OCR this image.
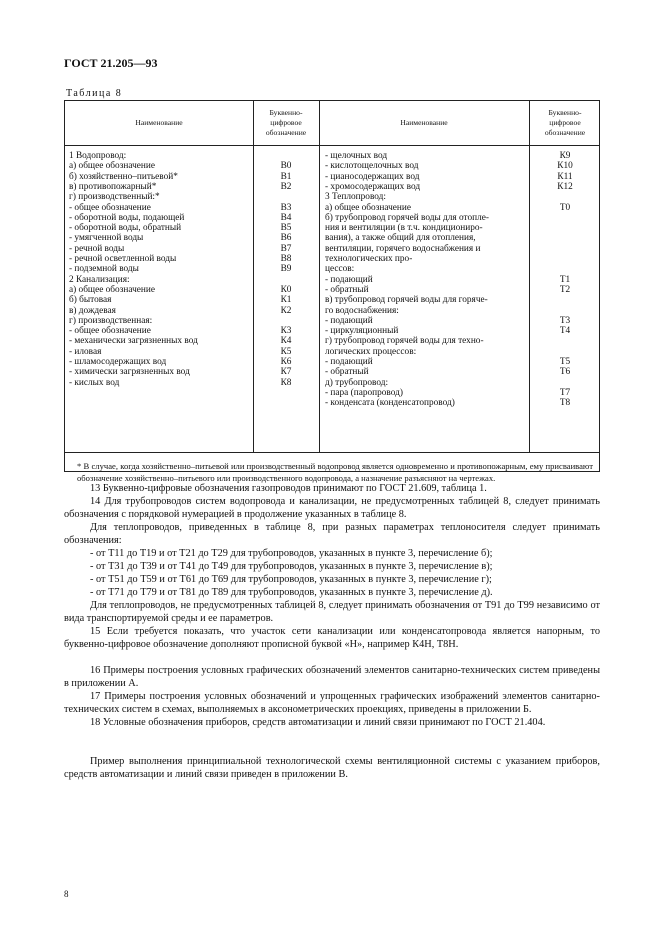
ГОСТ 21.205—93
Таблица 8
Наименование
Буквенно-
цифровое
обозначение
Наименование
Буквенно-
цифровое
обозначение

* В случае, когда хозяйственно–питьевой или производственный водопровод является одновременно и противопожарным, ему присваивают обозначение хозяйственно–питьевого или производственного водопровода, а назначение разъясняют на чертежах.

1 Водопровод:
а) общее обозначение	В0
б) хозяйственно–питьевой*	В1
в) противопожарный*	В2
г) производственный:*
- общее обозначение	В3
- оборотной воды, подающей	В4
- оборотной воды, обратный	В5
- умягченной воды	В6
- речной воды	В7
- речной осветленной воды	В8
- подземной воды	В9
2 Канализация:
а) общее обозначение	К0
б) бытовая	К1
в) дождевая	К2
г) производственная:
- общее обозначение	К3
- механически загрязненных вод	К4
- иловая	К5
- шламосодержащих вод	К6
- химически загрязненных вод	К7
- кислых вод	К8
- щелочных вод	К9
- кислотощелочных вод	К10
- цианосодержащих вод	К11
- хромосодержащих вод	К12
3 Теплопровод:
а) общее обозначение	Т0
б) трубопровод горячей воды для отопле-
ния и вентиляции (в т.ч. кондициониро-
вания), а также общий для отопления,
вентиляции, горячего водоснабжения и
технологических про-
цессов:
- подающий	Т1
- обратный	Т2
в) трубопровод горячей воды для горяче-
го водоснабжения:
- подающий	Т3
- циркуляционный	Т4
г) трубопровод горячей воды для техно-
логических процессов:
- подающий	Т5
- обратный	Т6
д) трубопровод:
- пара (паропровод)	Т7
- конденсата (конденсатопровод)	Т8
13 Буквенно-цифровые обозначения газопроводов принимают по ГОСТ 21.609, таблица 1.
14 Для трубопроводов систем водопровода и канализации, не предусмотренных таблицей 8, следует принимать обозначения с порядковой нумерацией в продолжение указанных в таблице 8.
Для теплопроводов, приведенных в таблице 8, при разных параметрах теплоносителя следует принимать обозначения:
- от Т11 до Т19 и от Т21 до Т29 для трубопроводов, указанных в пункте 3, перечисление б);
- от Т31 до Т39 и от Т41 до Т49 для трубопроводов, указанных в пункте 3, перечисление в);
- от Т51 до Т59 и от Т61 до Т69 для трубопроводов, указанных в пункте 3, перечисление г);
- от Т71 до Т79 и от Т81 до Т89 для трубопроводов, указанных в пункте 3, перечисление д).
Для теплопроводов, не предусмотренных таблицей 8, следует принимать обозначения от Т91 до Т99 независимо от вида транспортируемой среды и ее параметров.
15 Если требуется показать, что участок сети канализации или конденсатопровода является напорным, то буквенно-цифровое обозначение дополняют прописной буквой «Н», например К4Н, Т8Н.
16 Примеры построения условных графических обозначений элементов санитарно-технических систем приведены в приложении А.
17 Примеры построения условных обозначений и упрощенных графических изображений элементов санитарно-технических систем в схемах, выполняемых в аксонометрических проекциях, приведены в приложении Б.
18 Условные обозначения приборов, средств автоматизации и линий связи принимают по ГОСТ 21.404.
Пример выполнения принципиальной технологической схемы вентиляционной системы с указанием приборов, средств автоматизации и линий связи приведен в приложении В.
8
